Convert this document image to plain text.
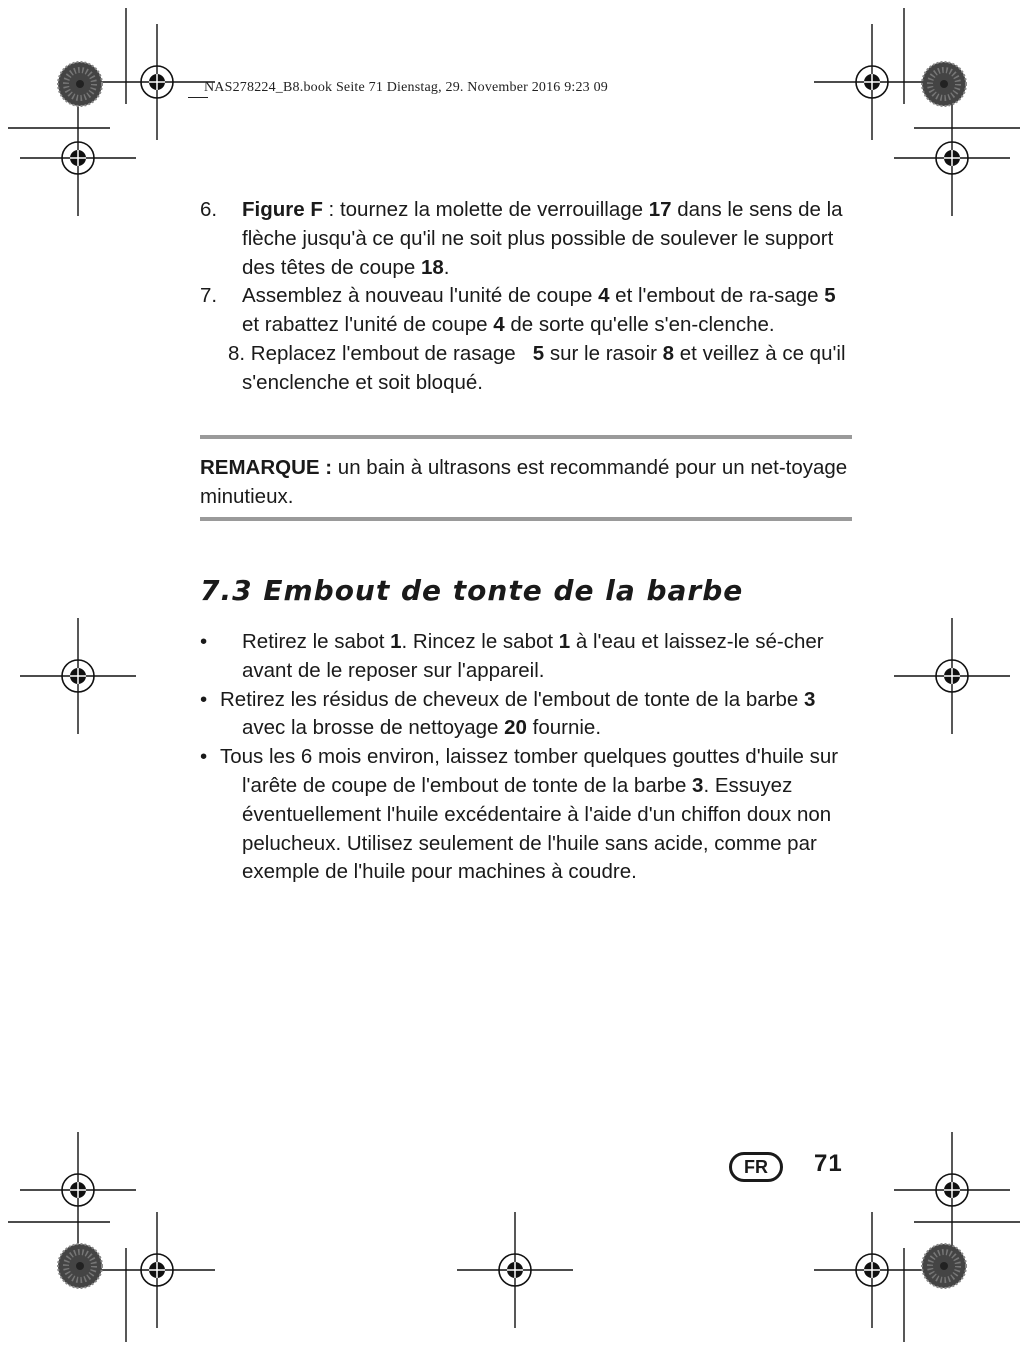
NAS278224_B8.book Seite 71 Dienstag, 29. November 2016 9:23 09
6. Figure F : tournez la molette de verrouillage 17 dans le sens de la flèche jusqu'à ce qu'il ne soit plus possible de soulever le support des têtes de coupe 18.
7. Assemblez à nouveau l'unité de coupe 4 et l'embout de ra-sage 5 et rabattez l'unité de coupe 4 de sorte qu'elle s'en-clenche.
8. Replacez l'embout de rasage   5 sur le rasoir 8 et veillez à ce qu'il s'enclenche et soit bloqué.

REMARQUE : un bain à ultrasons est recommandé pour un net-toyage minutieux.

7.3 Embout de tonte de la barbe
• Retirez le sabot 1. Rincez le sabot 1 à l'eau et laissez-le sé-cher avant de le reposer sur l'appareil.
• Retirez les résidus de cheveux de l'embout de tonte de la barbe 3 avec la brosse de nettoyage 20 fournie.
• Tous les 6 mois environ, laissez tomber quelques gouttes d'huile sur l'arête de coupe de l'embout de tonte de la barbe 3. Essuyez éventuellement l'huile excédentaire à l'aide d'un chiffon doux non pelucheux. Utilisez seulement de l'huile sans acide, comme par exemple de l'huile pour machines à coudre.
FR	71
